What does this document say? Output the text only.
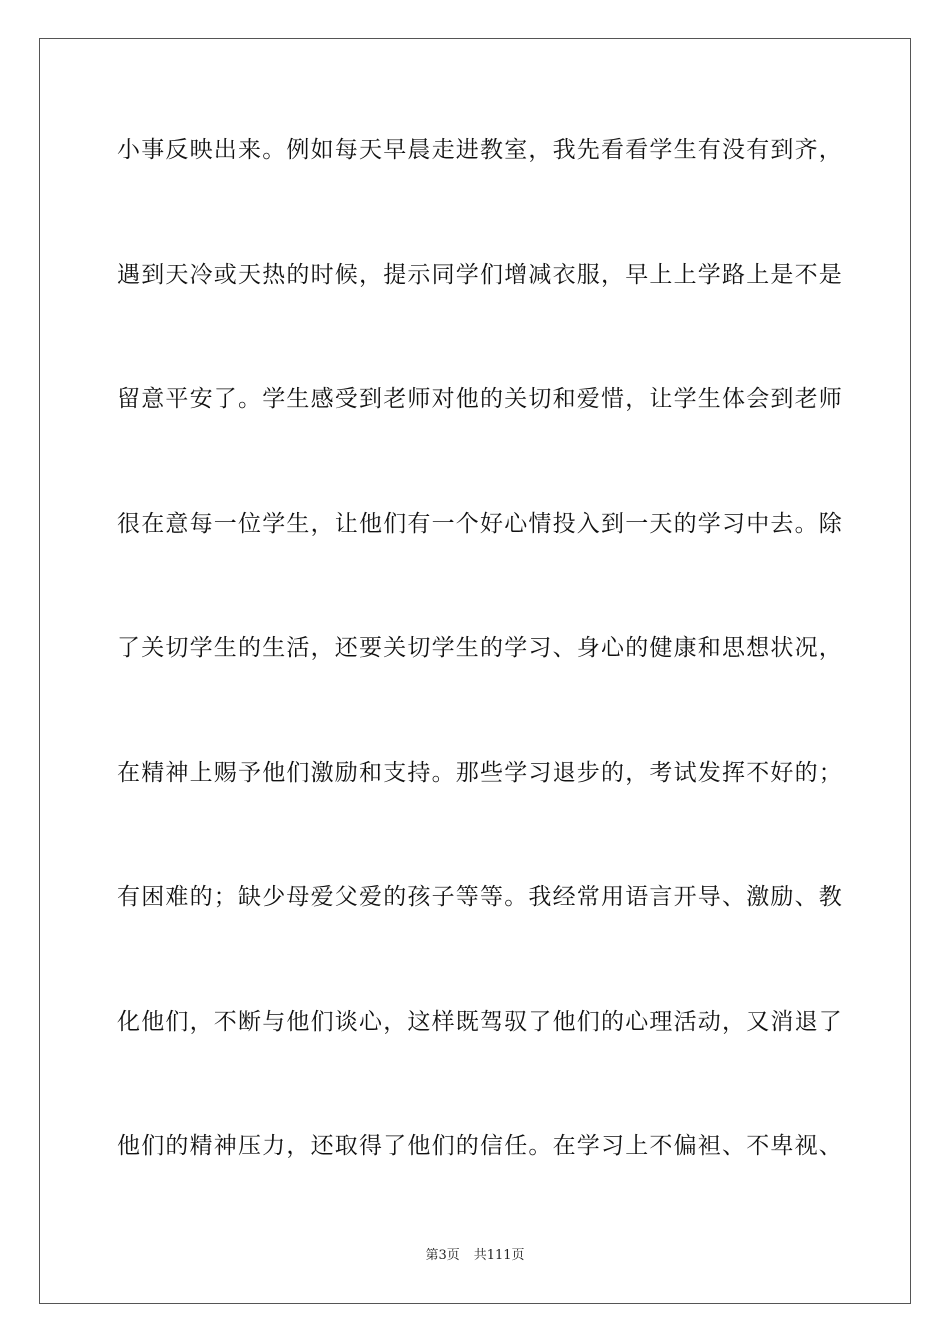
小事反映出来。例如每天早晨走进教室，我先看看学生有没有到齐，
遇到天冷或天热的时候，提示同学们增减衣服，早上上学路上是不是
留意平安了。学生感受到老师对他的关切和爱惜，让学生体会到老师
很在意每一位学生，让他们有一个好心情投入到一天的学习中去。除
了关切学生的生活，还要关切学生的学习、身心的健康和思想状况，
在精神上赐予他们激励和支持。那些学习退步的，考试发挥不好的；
有困难的；缺少母爱父爱的孩子等等。我经常用语言开导、激励、教
化他们，不断与他们谈心，这样既驾驭了他们的心理活动，又消退了
他们的精神压力，还取得了他们的信任。在学习上不偏袒、不卑视、
第3页 共111页
